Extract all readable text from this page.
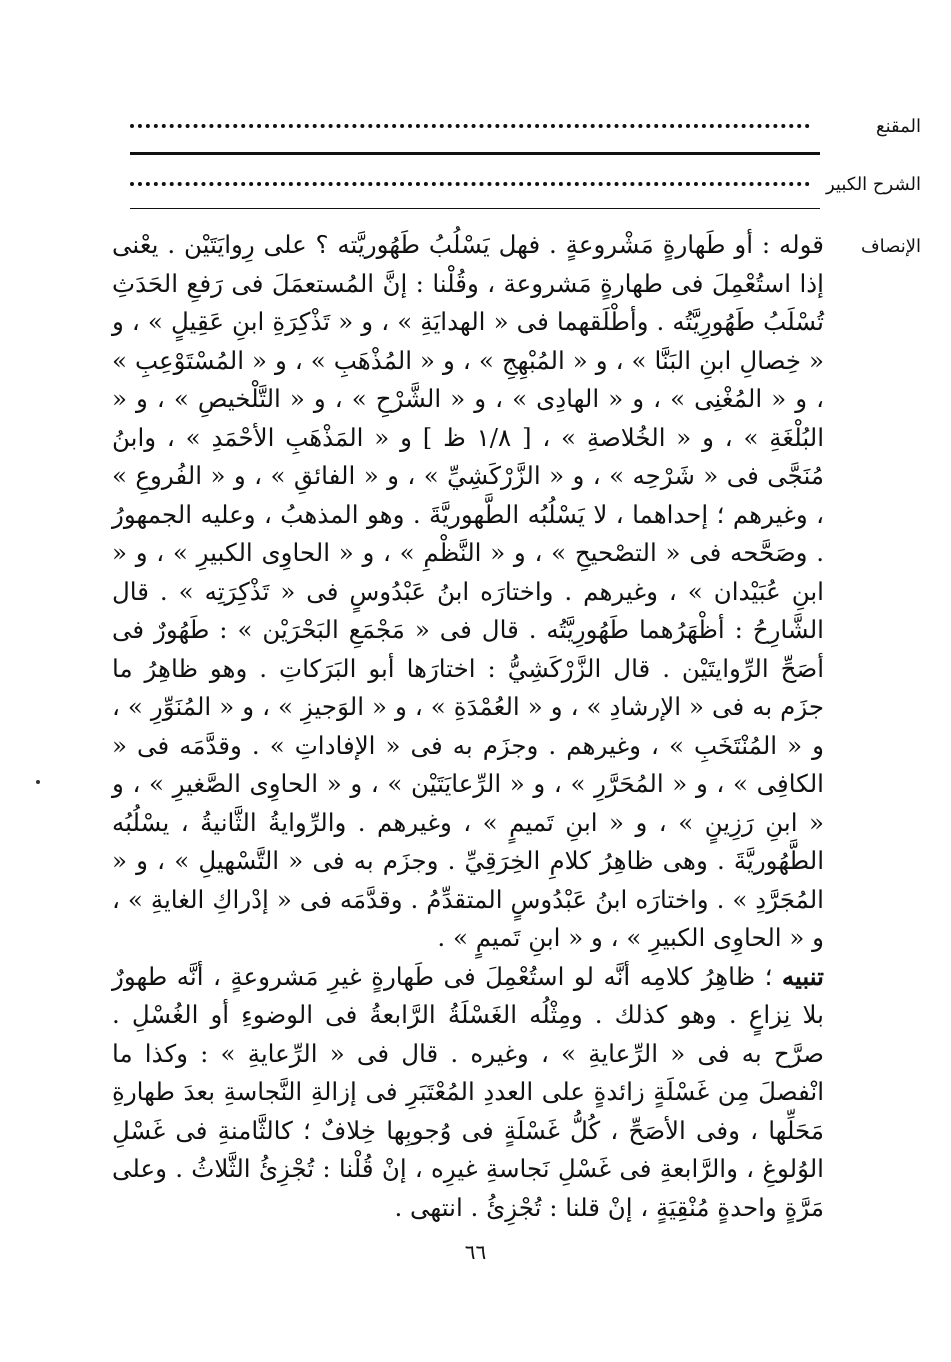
المقنع
الشرح الكبير
الإنصاف

قوله : أو طَهارةٍ مَشْروعةٍ . فهل يَسْلُبُ طَهُوريَّته ؟ على رِوايَتَيْن . يعْنى إذا استُعْمِلَ فى طهارةٍ مَشروعة ، وقُلْنا : إنَّ المُستعمَلَ فى رَفعِ الحَدَثِ تُسْلَبُ طَهُورِيَّتُه . وأطْلَقهما فى « الهدايَةِ » ، و « تَذْكِرَةِ ابنِ عَقِيلٍ » ، و « خِصالِ ابنِ البَنَّا » ، و « المُبْهِجِ » ، و « المُذْهَبِ » ، و « المُسْتَوْعِبِ » ، و « المُغْنِى » ، و « الهادِى » ، و « الشَّرْحِ » ، و « التَّلْخيصِ » ، و « البُلْغَةِ » ، و « الخُلاصةِ » ، [ ١/٨ ظ ] و « المَذْهَبِ الأحْمَدِ » ، وابنُ مُنَجَّى فى « شَرْحِه » ، و « الزَّرْكَشِيِّ » ، و « الفائقِ » ، و « الفُروعِ » ، وغيرهم ؛ إحداهما ، لا يَسْلُبُه الطَّهوريَّةَ . وهو المذهبُ ، وعليه الجمهورُ . وصَحَّحه فى « التصْحيحِ » ، و « النَّظْمِ » ، و « الحاوِى الكبيرِ » ، و « ابنِ عُبَيْدان » ، وغيرهم . واختارَه ابنُ عَبْدُوسٍ فى « تَذْكِرَتِه » . قال الشَّارِحُ : أظْهَرُهما طَهُورِيَّتُه . قال فى « مَجْمَعِ البَحْرَيْن » : طَهُورٌ فى أصَحِّ الرِّوايتَيْن . قال الزَّرْكَشِيُّ : اختارَها أبو البَرَكاتِ . وهو ظاهِرُ ما جزَم به فى « الإرشادِ » ، و « العُمْدَةِ » ، و « الوَجيزِ » ، و « المُنَوِّرِ » ، و « المُنْتَخَبِ » ، وغيرهم . وجزَم به فى « الإفاداتِ » . وقدَّمَه فى « الكافِى » ، و « المُحَرَّرِ » ، و « الرِّعايَتَيْن » ، و « الحاوِى الصَّغيرِ » ، و « ابنِ رَزِينٍ » ، و « ابنِ تَميمٍ » ، وغيرهم . والرِّوايةُ الثَّانيةُ ، يسْلُبُه الطَّهُوريَّةَ . وهى ظاهِرُ كلامِ الخِرَقِيِّ . وجزَم به فى « التَّسْهيلِ » ، و « المُجَرَّدِ » . واختارَه ابنُ عَبْدُوسٍ المتقدِّمُ . وقدَّمَه فى « إدْراكِ الغايةِ » ، و « الحاوِى الكبيرِ » ، و « ابنِ تَميمٍ » .

تنبيه ؛ ظاهِرُ كلامِه أنَّه لو استُعْمِلَ فى طَهارةٍ غيرِ مَشروعةٍ ، أنَّه طهورٌ بلا نِزاعٍ . وهو كذلك . ومِثْلُه الغَسْلَةُ الرَّابعةُ فى الوضوءِ أو الغُسْلِ . صرَّح به فى « الرِّعايةِ » ، وغيره . قال فى « الرِّعايةِ » : وكذا ما انْفصلَ مِن غَسْلَةٍ زائدةٍ على العددِ المُعْتَبَرِ فى إزالةِ النَّجاسةِ بعدَ طهارةِ مَحَلِّها ، وفى الأصَحِّ ، كُلُّ غَسْلَةٍ فى وُجوبِها خِلافٌ ؛ كالثَّامنةِ فى غَسْلِ الوُلوغِ ، والرَّابعةِ فى غَسْلِ نَجاسةِ غيرِه ، إنْ قُلْنا : تُجْزِئُ الثَّلاثُ . وعلى مَرَّةٍ واحدةٍ مُنْقِيَةٍ ، إنْ قلنا : تُجْزِئُ . انتهى .

٦٦
